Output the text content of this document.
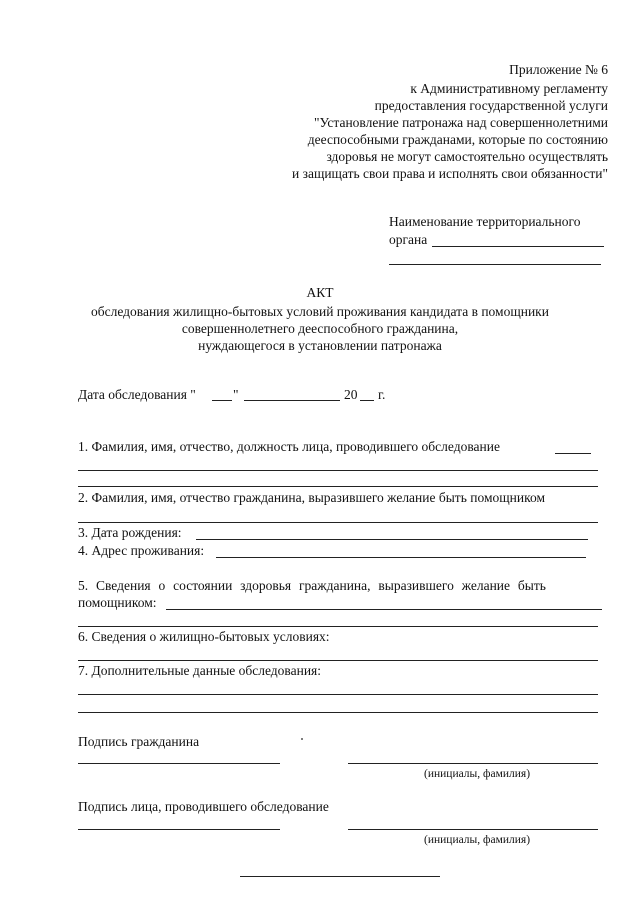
Приложение № 6
к Административному регламенту
предоставления государственной услуги
"Установление патронажа над совершеннолетними
дееспособными гражданами, которые по состоянию
здоровья не могут самостоятельно осуществлять
и защищать свои права и исполнять свои обязанности"
Наименование территориального
органа
АКТ
обследования жилищно-бытовых условий проживания кандидата в помощники
совершеннолетнего дееспособного гражданина,
нуждающегося в установлении патронажа
Дата обследования "	"	20 г.
1. Фамилия, имя, отчество, должность лица, проводившего обследование
2. Фамилия, имя, отчество гражданина, выразившего желание быть помощником
3. Дата рождения:
4. Адрес проживания:
5. Сведения о состоянии здоровья гражданина, выразившего желание быть
помощником:
6. Сведения о жилищно-бытовых условиях:
7. Дополнительные данные обследования:
Подпись гражданина
(инициалы, фамилия)
Подпись лица, проводившего обследование
(инициалы, фамилия)
